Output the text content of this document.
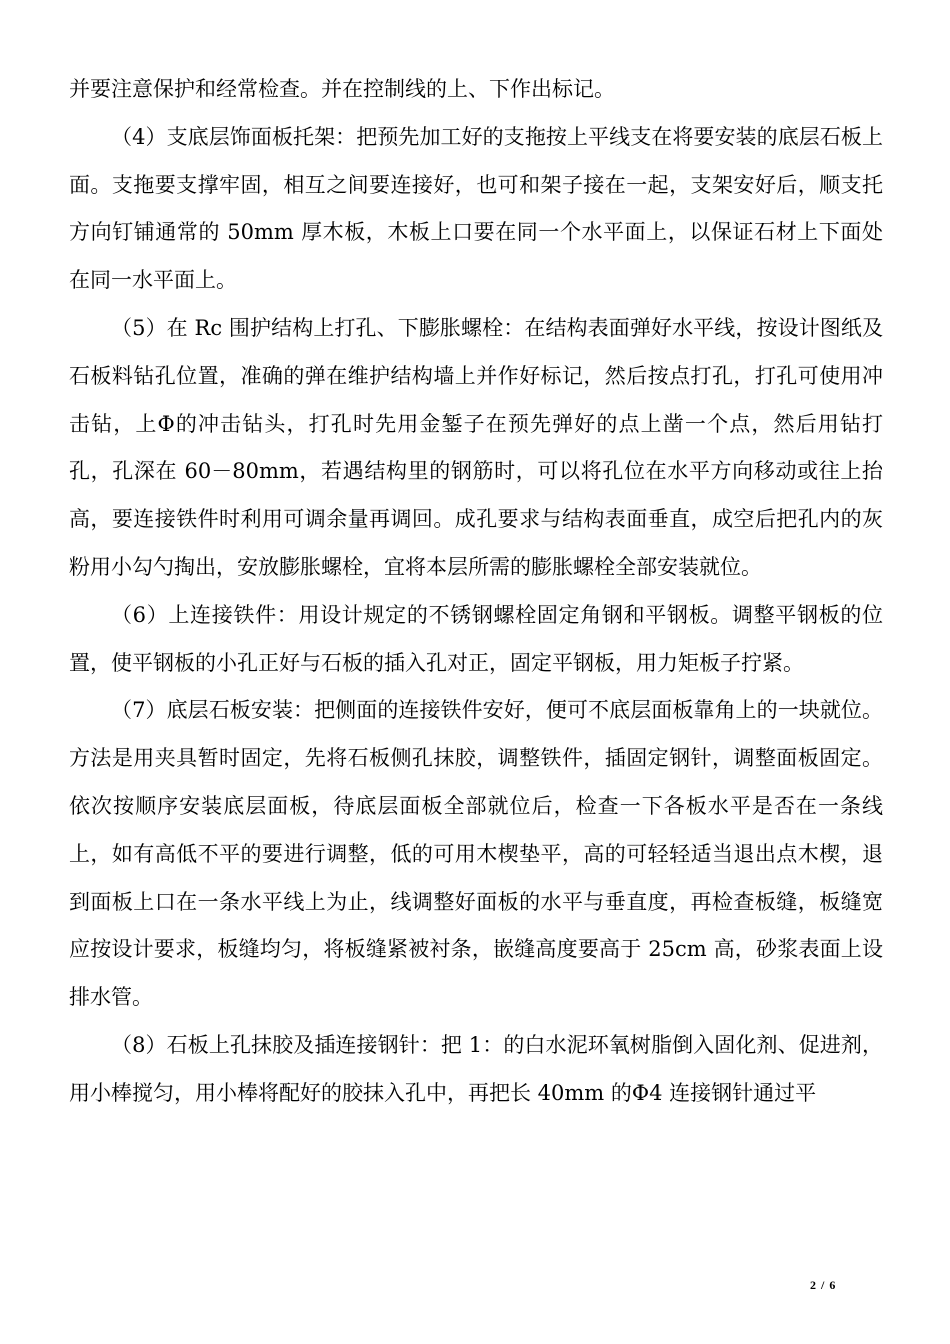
并要注意保护和经常检查。并在控制线的上、下作出标记。

（4）支底层饰面板托架：把预先加工好的支拖按上平线支在将要安装的底层石板上面。支拖要支撑牢固，相互之间要连接好，也可和架子接在一起，支架安好后，顺支托方向钉铺通常的 50mm 厚木板，木板上口要在同一个水平面上，以保证石材上下面处在同一水平面上。

（5）在 Rc 围护结构上打孔、下膨胀螺栓：在结构表面弹好水平线，按设计图纸及石板料钻孔位置，准确的弹在维护结构墙上并作好标记，然后按点打孔，打孔可使用冲击钻，上Φ的冲击钻头，打孔时先用金錾子在预先弹好的点上凿一个点，然后用钻打孔，孔深在 60－80mm，若遇结构里的钢筋时，可以将孔位在水平方向移动或往上抬高，要连接铁件时利用可调余量再调回。成孔要求与结构表面垂直，成空后把孔内的灰粉用小勾勺掏出，安放膨胀螺栓，宜将本层所需的膨胀螺栓全部安装就位。

（6）上连接铁件：用设计规定的不锈钢螺栓固定角钢和平钢板。调整平钢板的位置，使平钢板的小孔正好与石板的插入孔对正，固定平钢板，用力矩板子拧紧。

（7）底层石板安装：把侧面的连接铁件安好，便可不底层面板靠角上的一块就位。方法是用夹具暂时固定，先将石板侧孔抹胶，调整铁件，插固定钢针，调整面板固定。依次按顺序安装底层面板，待底层面板全部就位后，检查一下各板水平是否在一条线上，如有高低不平的要进行调整，低的可用木楔垫平，高的可轻轻适当退出点木楔，退到面板上口在一条水平线上为止，线调整好面板的水平与垂直度，再检查板缝，板缝宽应按设计要求，板缝均匀，将板缝紧被衬条，嵌缝高度要高于 25cm 高，砂浆表面上设排水管。

（8）石板上孔抹胶及插连接钢针：把 1：的白水泥环氧树脂倒入固化剂、促进剂，用小棒搅匀，用小棒将配好的胶抹入孔中，再把长 40mm 的Φ4 连接钢针通过平

2 / 6
